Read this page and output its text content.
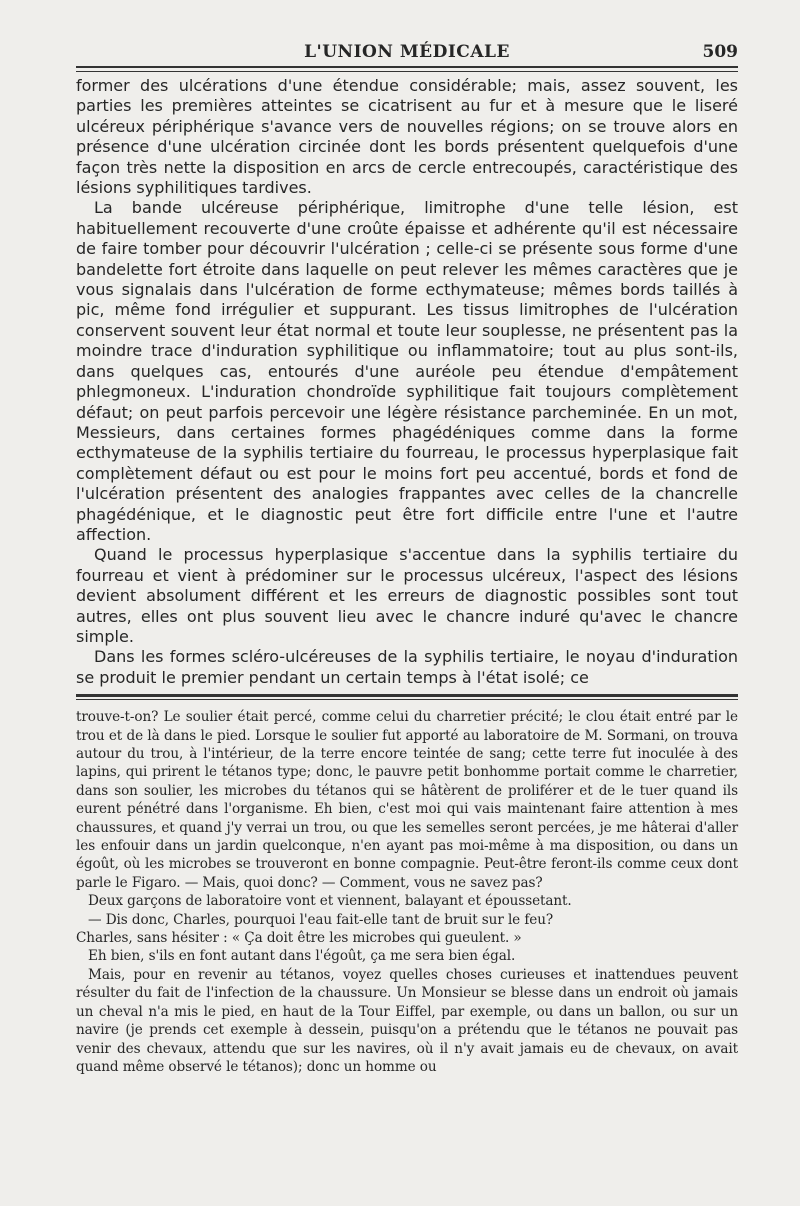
L'UNION MÉDICALE	509

former des ulcérations d'une étendue considérable; mais, assez souvent, les parties les premières atteintes se cicatrisent au fur et à mesure que le liseré ulcéreux périphérique s'avance vers de nouvelles régions; on se trouve alors en présence d'une ulcération circinée dont les bords présentent quelquefois d'une façon très nette la disposition en arcs de cercle entrecoupés, caractéristique des lésions syphilitiques tardives.

La bande ulcéreuse périphérique, limitrophe d'une telle lésion, est habituellement recouverte d'une croûte épaisse et adhérente qu'il est nécessaire de faire tomber pour découvrir l'ulcération ; celle-ci se présente sous forme d'une bandelette fort étroite dans laquelle on peut relever les mêmes caractères que je vous signalais dans l'ulcération de forme ecthymateuse; mêmes bords taillés à pic, même fond irrégulier et suppurant. Les tissus limitrophes de l'ulcération conservent souvent leur état normal et toute leur souplesse, ne présentent pas la moindre trace d'induration syphilitique ou inflammatoire; tout au plus sont-ils, dans quelques cas, entourés d'une auréole peu étendue d'empâtement phlegmoneux. L'induration chondroïde syphilitique fait toujours complètement défaut; on peut parfois percevoir une légère résistance parcheminée. En un mot, Messieurs, dans certaines formes phagédéniques comme dans la forme ecthymateuse de la syphilis tertiaire du fourreau, le processus hyperplasique fait complètement défaut ou est pour le moins fort peu accentué, bords et fond de l'ulcération présentent des analogies frappantes avec celles de la chancrelle phagédénique, et le diagnostic peut être fort difficile entre l'une et l'autre affection.

Quand le processus hyperplasique s'accentue dans la syphilis tertiaire du fourreau et vient à prédominer sur le processus ulcéreux, l'aspect des lésions devient absolument différent et les erreurs de diagnostic possibles sont tout autres, elles ont plus souvent lieu avec le chancre induré qu'avec le chancre simple.

Dans les formes scléro-ulcéreuses de la syphilis tertiaire, le noyau d'induration se produit le premier pendant un certain temps à l'état isolé; ce

trouve-t-on? Le soulier était percé, comme celui du charretier précité; le clou était entré par le trou et de là dans le pied. Lorsque le soulier fut apporté au laboratoire de M. Sormani, on trouva autour du trou, à l'intérieur, de la terre encore teintée de sang; cette terre fut inoculée à des lapins, qui prirent le tétanos type; donc, le pauvre petit bonhomme portait comme le charretier, dans son soulier, les microbes du tétanos qui se hâtèrent de proliférer et de le tuer quand ils eurent pénétré dans l'organisme. Eh bien, c'est moi qui vais maintenant faire attention à mes chaussures, et quand j'y verrai un trou, ou que les semelles seront percées, je me hâterai d'aller les enfouir dans un jardin quelconque, n'en ayant pas moi-même à ma disposition, ou dans un égoût, où les microbes se trouveront en bonne compagnie. Peut-être feront-ils comme ceux dont parle le Figaro. — Mais, quoi donc? — Comment, vous ne savez pas?

Deux garçons de laboratoire vont et viennent, balayant et époussetant.

— Dis donc, Charles, pourquoi l'eau fait-elle tant de bruit sur le feu?

Charles, sans hésiter : « Ça doit être les microbes qui gueulent. »

Eh bien, s'ils en font autant dans l'égoût, ça me sera bien égal.

Mais, pour en revenir au tétanos, voyez quelles choses curieuses et inattendues peuvent résulter du fait de l'infection de la chaussure. Un Monsieur se blesse dans un endroit où jamais un cheval n'a mis le pied, en haut de la Tour Eiffel, par exemple, ou dans un ballon, ou sur un navire (je prends cet exemple à dessein, puisqu'on a prétendu que le tétanos ne pouvait pas venir des chevaux, attendu que sur les navires, où il n'y avait jamais eu de chevaux, on avait quand même observé le tétanos); donc un homme ou
